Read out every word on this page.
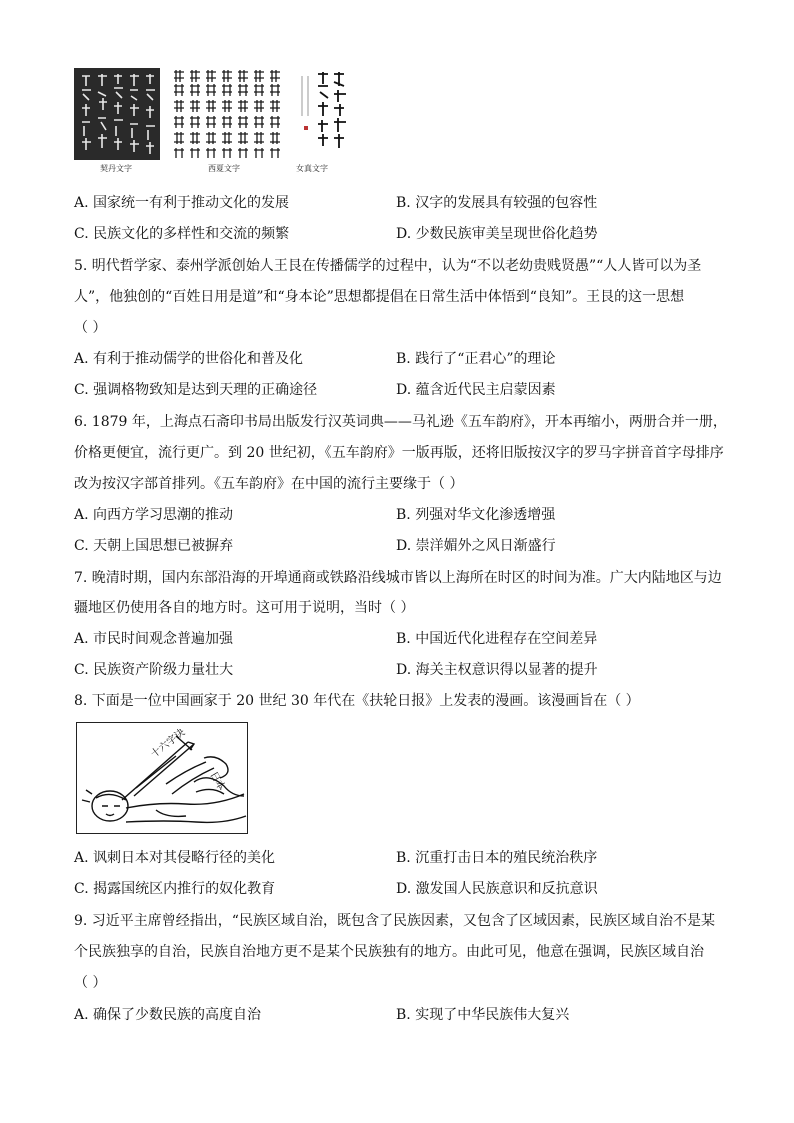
契丹文字	西夏文字	女真文字
A. 国家统一有利于推动文化的发展	B. 汉字的发展具有较强的包容性
C. 民族文化的多样性和交流的频繁	D. 少数民族审美呈现世俗化趋势
5. 明代哲学家、泰州学派创始人王艮在传播儒学的过程中，认为“不以老幼贵贱贤愚”“人人皆可以为圣
人”，他独创的“百姓日用是道”和“身本论”思想都提倡在日常生活中体悟到“良知”。王艮的这一思想
（ ）
A. 有利于推动儒学的世俗化和普及化	B. 践行了“正君心”的理论
C. 强调格物致知是达到天理的正确途径	D. 蕴含近代民主启蒙因素
6. 1879 年，上海点石斋印书局出版发行汉英词典——马礼逊《五车韵府》，开本再缩小，两册合并一册，
价格更便宜，流行更广。到 20 世纪初，《五车韵府》一版再版，还将旧版按汉字的罗马字拼音首字母排序
改为按汉字部首排列。《五车韵府》在中国的流行主要缘于（ ）
A. 向西方学习思潮的推动	B. 列强对华文化渗透增强
C. 天朝上国思想已被摒弃	D. 崇洋媚外之风日渐盛行
7. 晚清时期，国内东部沿海的开埠通商或铁路沿线城市皆以上海所在时区的时间为准。广大内陆地区与边
疆地区仍使用各自的地方时。这可用于说明，当时（ ）
A. 市民时间观念普遍加强	B. 中国近代化进程存在空间差异
C. 民族资产阶级力量壮大	D. 海关主权意识得以显著的提升
8. 下面是一位中国画家于 20 世纪 30 年代在《扶轮日报》上发表的漫画。该漫画旨在（ ）
十六字诀
日本
A. 讽刺日本对其侵略行径的美化	B. 沉重打击日本的殖民统治秩序
C. 揭露国统区内推行的奴化教育	D. 激发国人民族意识和反抗意识
9. 习近平主席曾经指出，“民族区域自治，既包含了民族因素，又包含了区域因素，民族区域自治不是某
个民族独享的自治，民族自治地方更不是某个民族独有的地方。由此可见，他意在强调，民族区域自治
（ ）
A. 确保了少数民族的高度自治	B. 实现了中华民族伟大复兴
